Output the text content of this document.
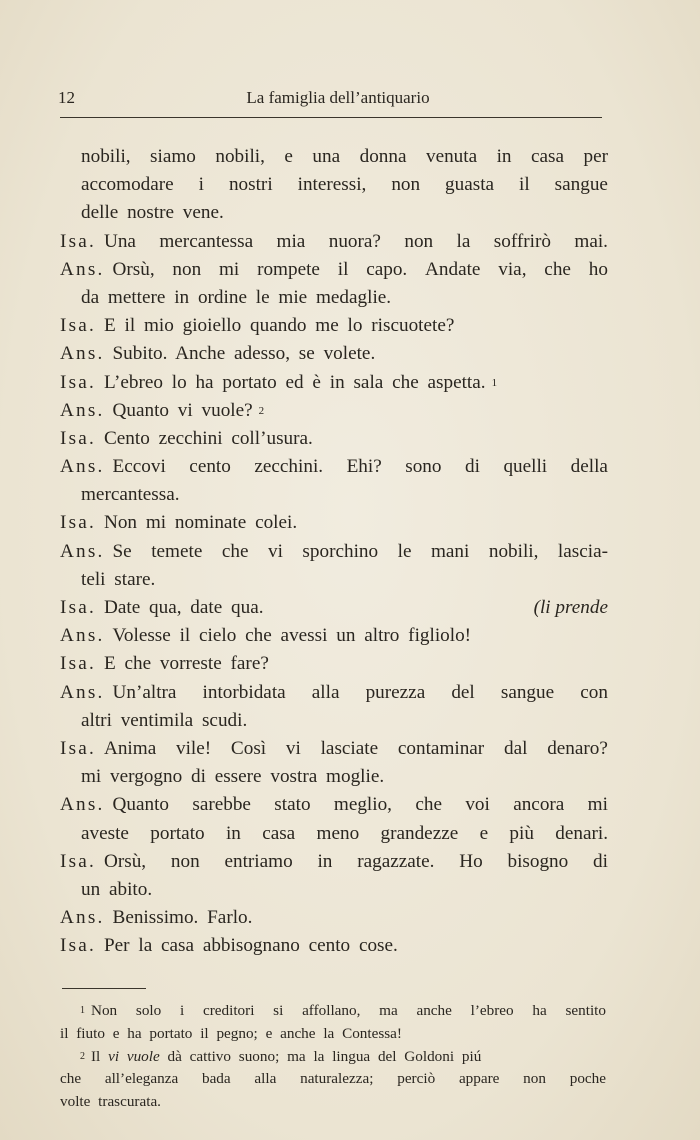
12	La famiglia dell’antiquario
nobili, siamo nobili, e una donna venuta in casa per
accomodare i nostri interessi, non guasta il sangue
delle nostre vene.
Isa. Una mercantessa mia nuora? non la soffrirò mai.
Ans. Orsù, non mi rompete il capo. Andate via, che ho
da mettere in ordine le mie medaglie.
Isa. E il mio gioiello quando me lo riscuotete?
Ans. Subito. Anche adesso, se volete.
Isa. L’ebreo lo ha portato ed è in sala che aspetta. 1
Ans. Quanto vi vuole? 2
Isa. Cento zecchini coll’usura.
Ans. Eccovi cento zecchini. Ehi? sono di quelli della
mercantessa.
Isa. Non mi nominate colei.
Ans. Se temete che vi sporchino le mani nobili, lascia-
teli stare.
Isa. Date qua, date qua.	(li prende
Ans. Volesse il cielo che avessi un altro figliolo!
Isa. E che vorreste fare?
Ans. Un’altra intorbidata alla purezza del sangue con
altri ventimila scudi.
Isa. Anima vile! Così vi lasciate contaminar dal denaro?
mi vergogno di essere vostra moglie.
Ans. Quanto sarebbe stato meglio, che voi ancora mi
aveste portato in casa meno grandezze e più denari.
Isa. Orsù, non entriamo in ragazzate. Ho bisogno di
un abito.
Ans. Benissimo. Farlo.
Isa. Per la casa abbisognano cento cose.
1 Non solo i creditori si affollano, ma anche l’ebreo ha sentito
il fiuto e ha portato il pegno; e anche la Contessa!
2 Il vi vuole dà cattivo suono; ma la lingua del Goldoni piú
che all’eleganza bada alla naturalezza; perciò appare non poche
volte trascurata.
